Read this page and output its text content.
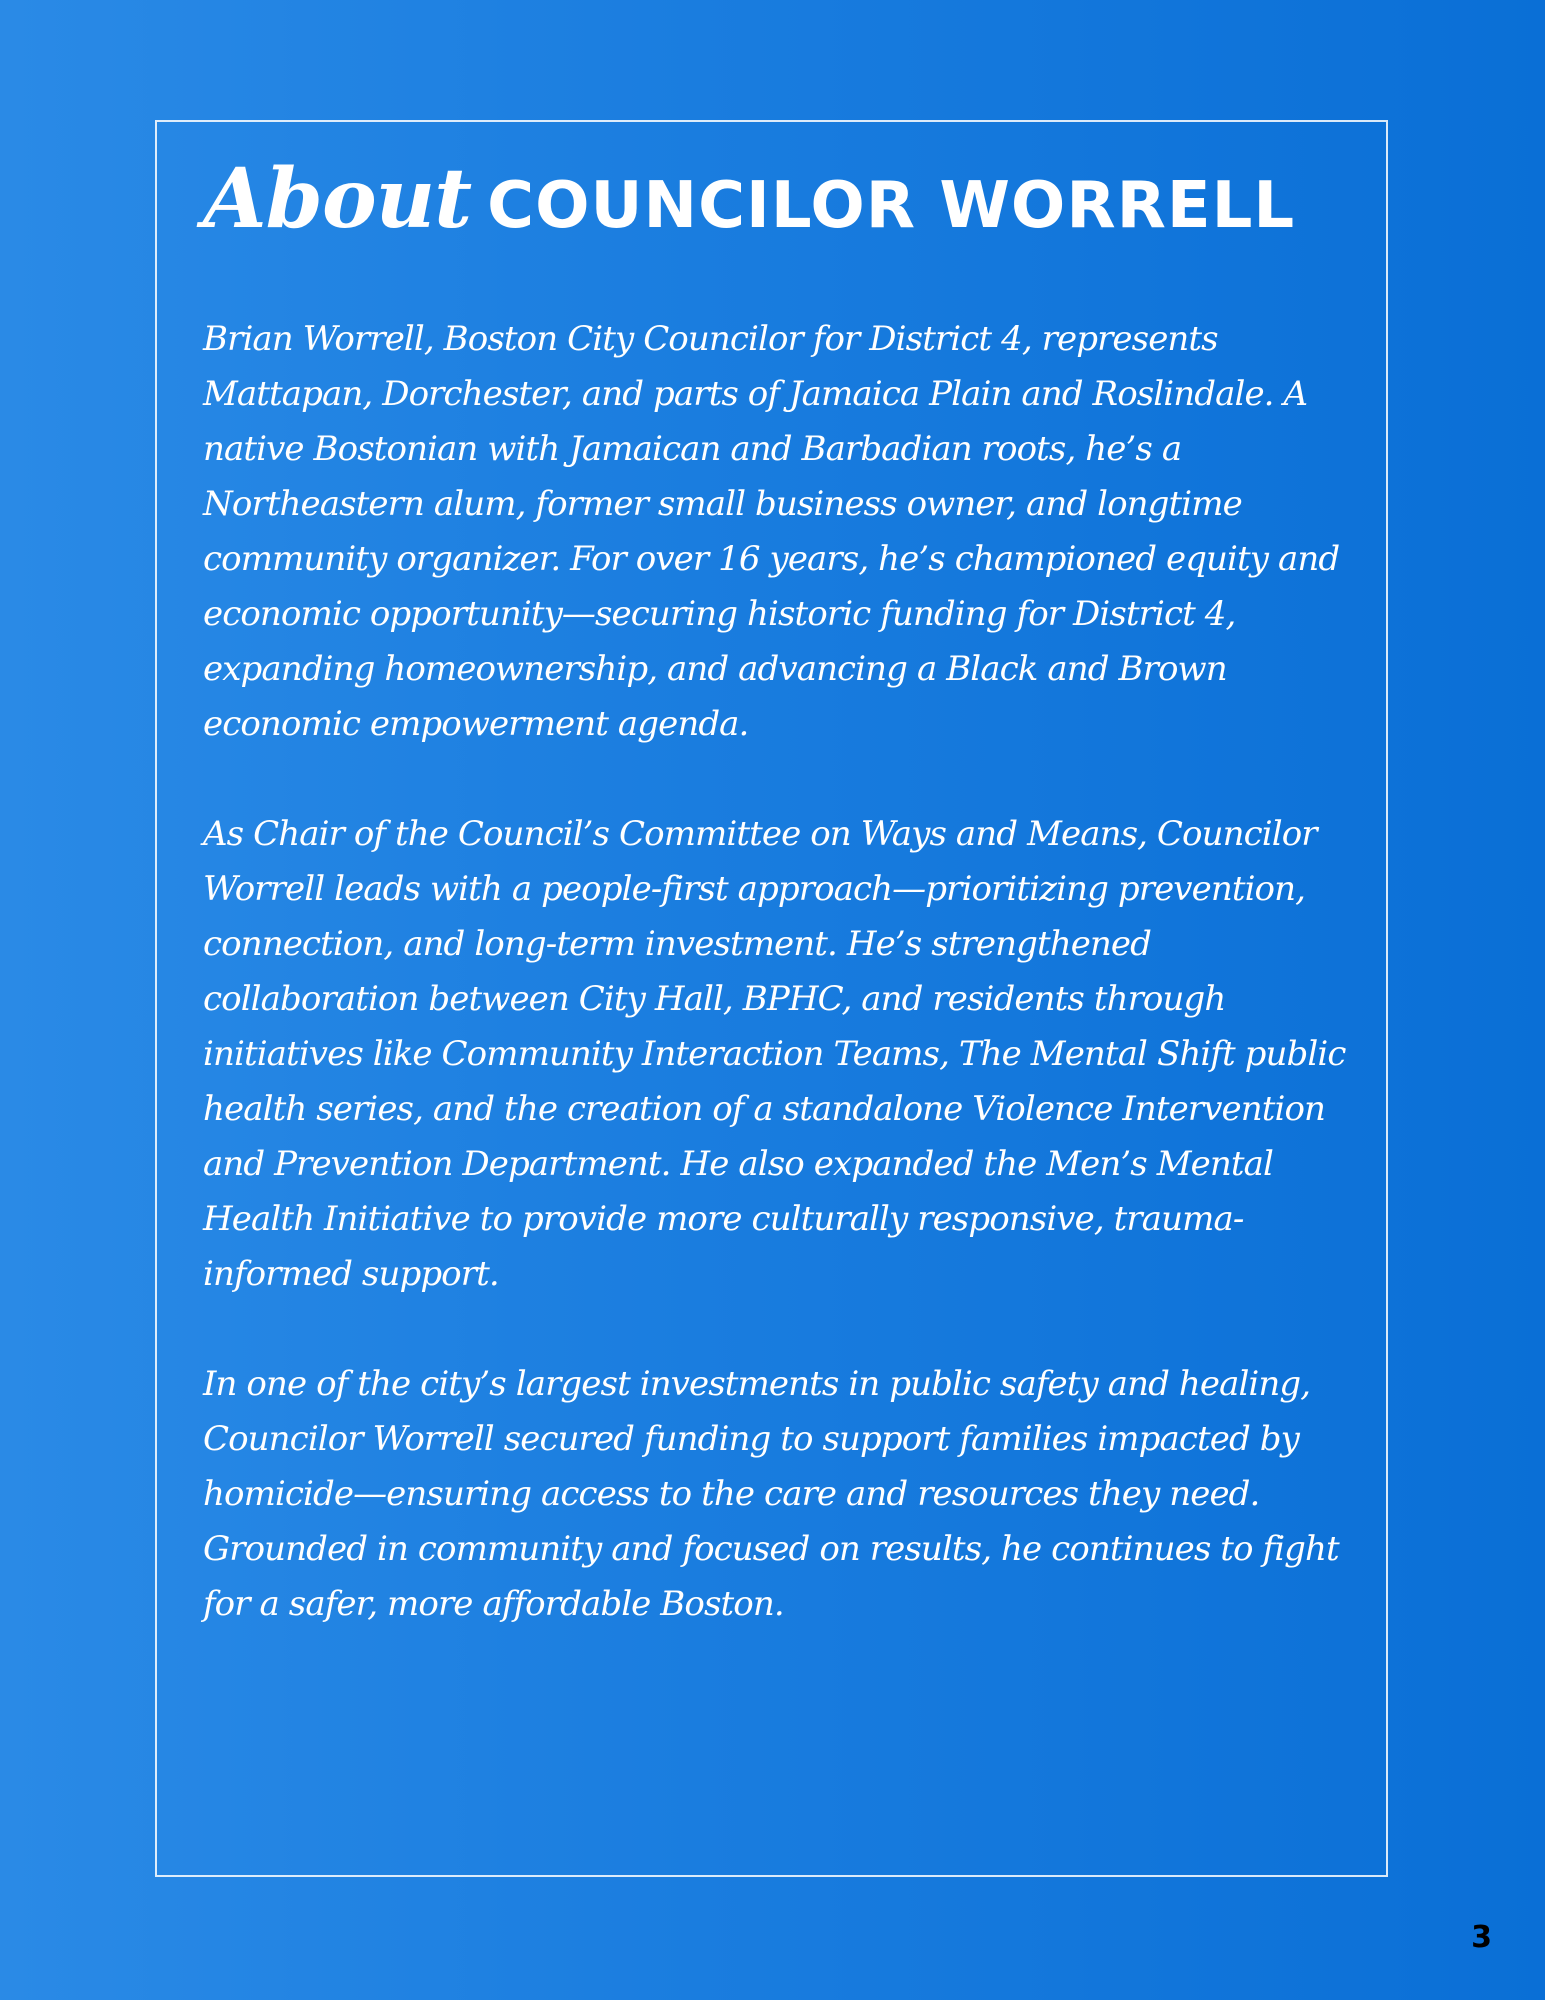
About COUNCILOR WORRELL

Brian Worrell, Boston City Councilor for District 4, represents Mattapan, Dorchester, and parts of Jamaica Plain and Roslindale. A native Bostonian with Jamaican and Barbadian roots, he’s a Northeastern alum, former small business owner, and longtime community organizer. For over 16 years, he’s championed equity and economic opportunity—securing historic funding for District 4, expanding homeownership, and advancing a Black and Brown economic empowerment agenda.

As Chair of the Council’s Committee on Ways and Means, Councilor Worrell leads with a people-first approach—prioritizing prevention, connection, and long-term investment. He’s strengthened collaboration between City Hall, BPHC, and residents through initiatives like Community Interaction Teams, The Mental Shift public health series, and the creation of a standalone Violence Intervention and Prevention Department. He also expanded the Men’s Mental Health Initiative to provide more culturally responsive, trauma-informed support.

In one of the city’s largest investments in public safety and healing, Councilor Worrell secured funding to support families impacted by homicide—ensuring access to the care and resources they need. Grounded in community and focused on results, he continues to fight for a safer, more affordable Boston.

3
